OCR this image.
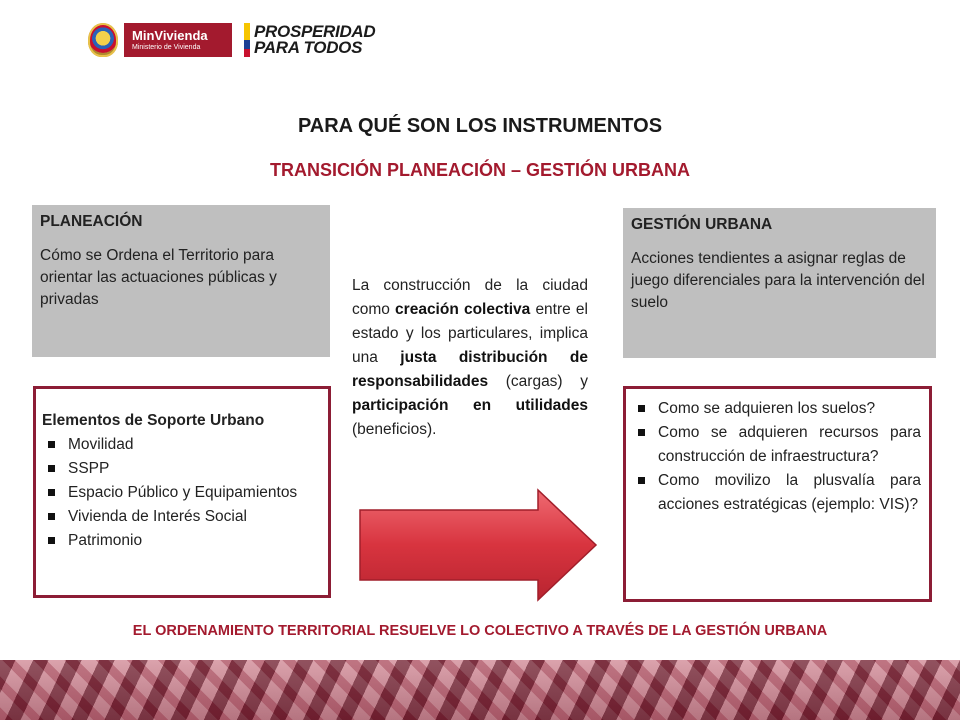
MinVivienda
Ministerio de Vivienda
PROSPERIDAD
PARA TODOS
PARA QUÉ SON LOS INSTRUMENTOS
TRANSICIÓN PLANEACIÓN – GESTIÓN URBANA
PLANEACIÓN
Cómo se Ordena el Territorio para orientar las actuaciones públicas y privadas
GESTIÓN URBANA
Acciones tendientes a asignar reglas de juego diferenciales para la intervención del suelo
La construcción de la ciudad como creación colectiva entre el estado y los particulares, implica una justa distribución de responsabilidades (cargas) y participación en utilidades (beneficios).
Elementos de Soporte Urbano
Movilidad
SSPP
Espacio Público y Equipamientos
Vivienda de Interés Social
Patrimonio
Como se adquieren los suelos?
Como se adquieren recursos para construcción de infraestructura?
Como movilizo la plusvalía para acciones estratégicas (ejemplo: VIS)?
EL ORDENAMIENTO TERRITORIAL RESUELVE LO COLECTIVO A TRAVÉS DE LA GESTIÓN URBANA
